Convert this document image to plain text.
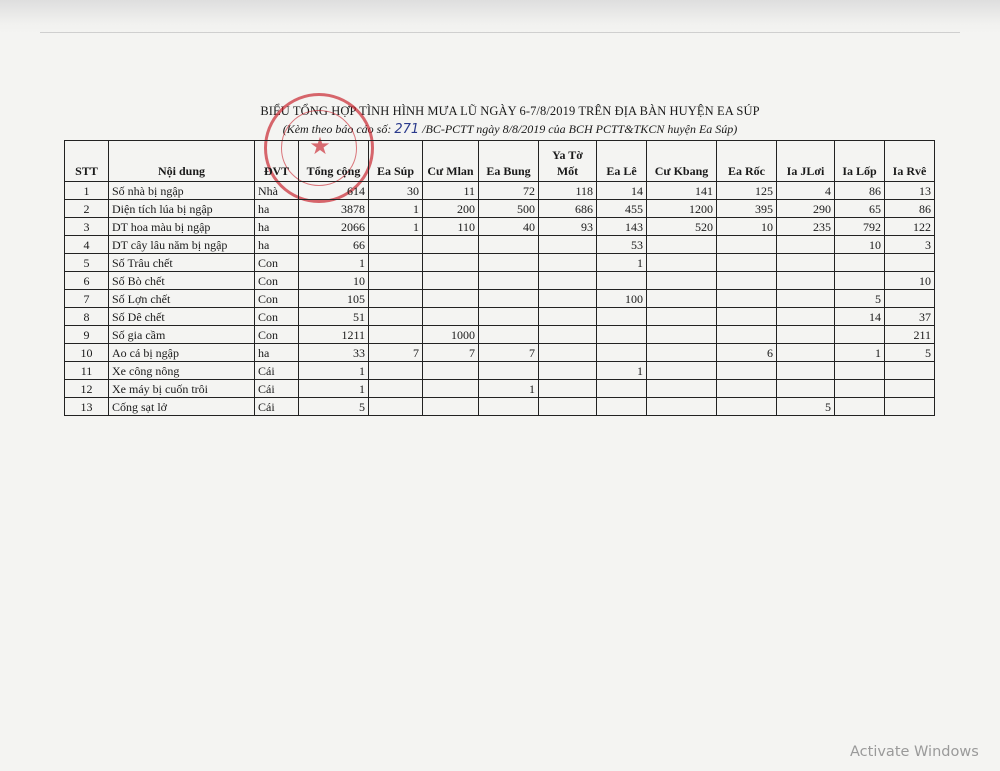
BIỂU TỔNG HỢP TÌNH HÌNH MƯA LŨ NGÀY 6-7/8/2019 TRÊN ĐỊA BÀN HUYỆN EA SÚP
(Kèm theo báo cáo số: 271 /BC-PCTT ngày 8/8/2019 của BCH PCTT&TKCN huyện Ea Súp)
★
STT	Nội dung	ĐVT	Tổng cộng	Ea Súp	Cư Mlan	Ea Bung	Ya Tờ Mốt	Ea Lê	Cư Kbang	Ea Rốc	Ia JLơi	Ia Lốp	Ia Rvê
1	Số nhà bị ngập	Nhà	614	30	11	72	118	14	141	125	4	86	13
2	Diện tích lúa bị ngập	ha	3878	1	200	500	686	455	1200	395	290	65	86
3	DT hoa màu bị ngập	ha	2066	1	110	40	93	143	520	10	235	792	122
4	DT cây lâu năm bị ngập	ha	66					53				10	3
5	Số Trâu chết	Con	1					1					
6	Số Bò chết	Con	10										10
7	Số Lợn chết	Con	105					100				5	
8	Số Dê chết	Con	51									14	37
9	Số gia cầm	Con	1211		1000								211
10	Ao cá bị ngập	ha	33	7	7	7				6		1	5
11	Xe công nông	Cái	1					1					
12	Xe máy bị cuốn trôi	Cái	1			1							
13	Cống sạt lở	Cái	5								5		
Activate Windows
